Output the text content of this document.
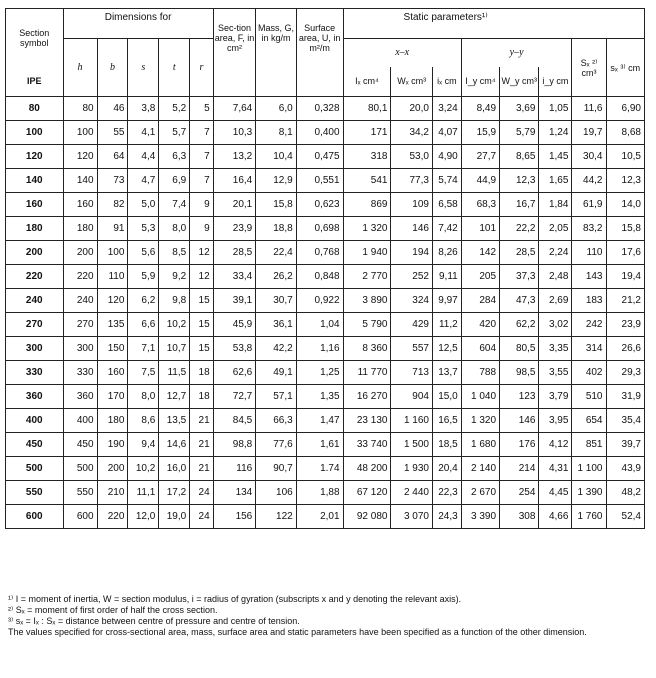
Section symbol	Dimensions for					Sec-tion area, F, in cm²	Mass, G, in kg/m	Surface area, U, in m²/m	Static parameters¹⁾							
	h	b	s	t	r				x–x			y–y			Sₓ ²⁾ cm³	sₓ ³⁾ cm
IPE									Iₓ cm⁴	Wₓ cm³	iₓ cm	I_y cm⁴	W_y cm³	i_y cm		
80	80	46	3,8	5,2	5	7,64	6,0	0,328	80,1	20,0	3,24	8,49	3,69	1,05	11,6	6,90
100	100	55	4,1	5,7	7	10,3	8,1	0,400	171	34,2	4,07	15,9	5,79	1,24	19,7	8,68
120	120	64	4,4	6,3	7	13,2	10,4	0,475	318	53,0	4,90	27,7	8,65	1,45	30,4	10,5
140	140	73	4,7	6,9	7	16,4	12,9	0,551	541	77,3	5,74	44,9	12,3	1,65	44,2	12,3
160	160	82	5,0	7,4	9	20,1	15,8	0,623	869	109	6,58	68,3	16,7	1,84	61,9	14,0
180	180	91	5,3	8,0	9	23,9	18,8	0,698	1 320	146	7,42	101	22,2	2,05	83,2	15,8
200	200	100	5,6	8,5	12	28,5	22,4	0,768	1 940	194	8,26	142	28,5	2,24	110	17,6
220	220	110	5,9	9,2	12	33,4	26,2	0,848	2 770	252	9,11	205	37,3	2,48	143	19,4
240	240	120	6,2	9,8	15	39,1	30,7	0,922	3 890	324	9,97	284	47,3	2,69	183	21,2
270	270	135	6,6	10,2	15	45,9	36,1	1,04	5 790	429	11,2	420	62,2	3,02	242	23,9
300	300	150	7,1	10,7	15	53,8	42,2	1,16	8 360	557	12,5	604	80,5	3,35	314	26,6
330	330	160	7,5	11,5	18	62,6	49,1	1,25	11 770	713	13,7	788	98,5	3,55	402	29,3
360	360	170	8,0	12,7	18	72,7	57,1	1,35	16 270	904	15,0	1 040	123	3,79	510	31,9
400	400	180	8,6	13,5	21	84,5	66,3	1,47	23 130	1 160	16,5	1 320	146	3,95	654	35,4
450	450	190	9,4	14,6	21	98,8	77,6	1,61	33 740	1 500	18,5	1 680	176	4,12	851	39,7
500	500	200	10,2	16,0	21	116	90,7	1.74	48 200	1 930	20,4	2 140	214	4,31	1 100	43,9
550	550	210	11,1	17,2	24	134	106	1,88	67 120	2 440	22,3	2 670	254	4,45	1 390	48,2
600	600	220	12,0	19,0	24	156	122	2,01	92 080	3 070	24,3	3 390	308	4,66	1 760	52,4
¹⁾ I = moment of inertia, W = section modulus, i = radius of gyration (subscripts x and y denoting the relevant axis).
²⁾ Sₓ = moment of first order of half the cross section.
³⁾ sₓ = Iₓ : Sₓ = distance between centre of pressure and centre of tension.
The values specified for cross-sectional area, mass, surface area and static parameters have been specified as a function of the other dimension.
